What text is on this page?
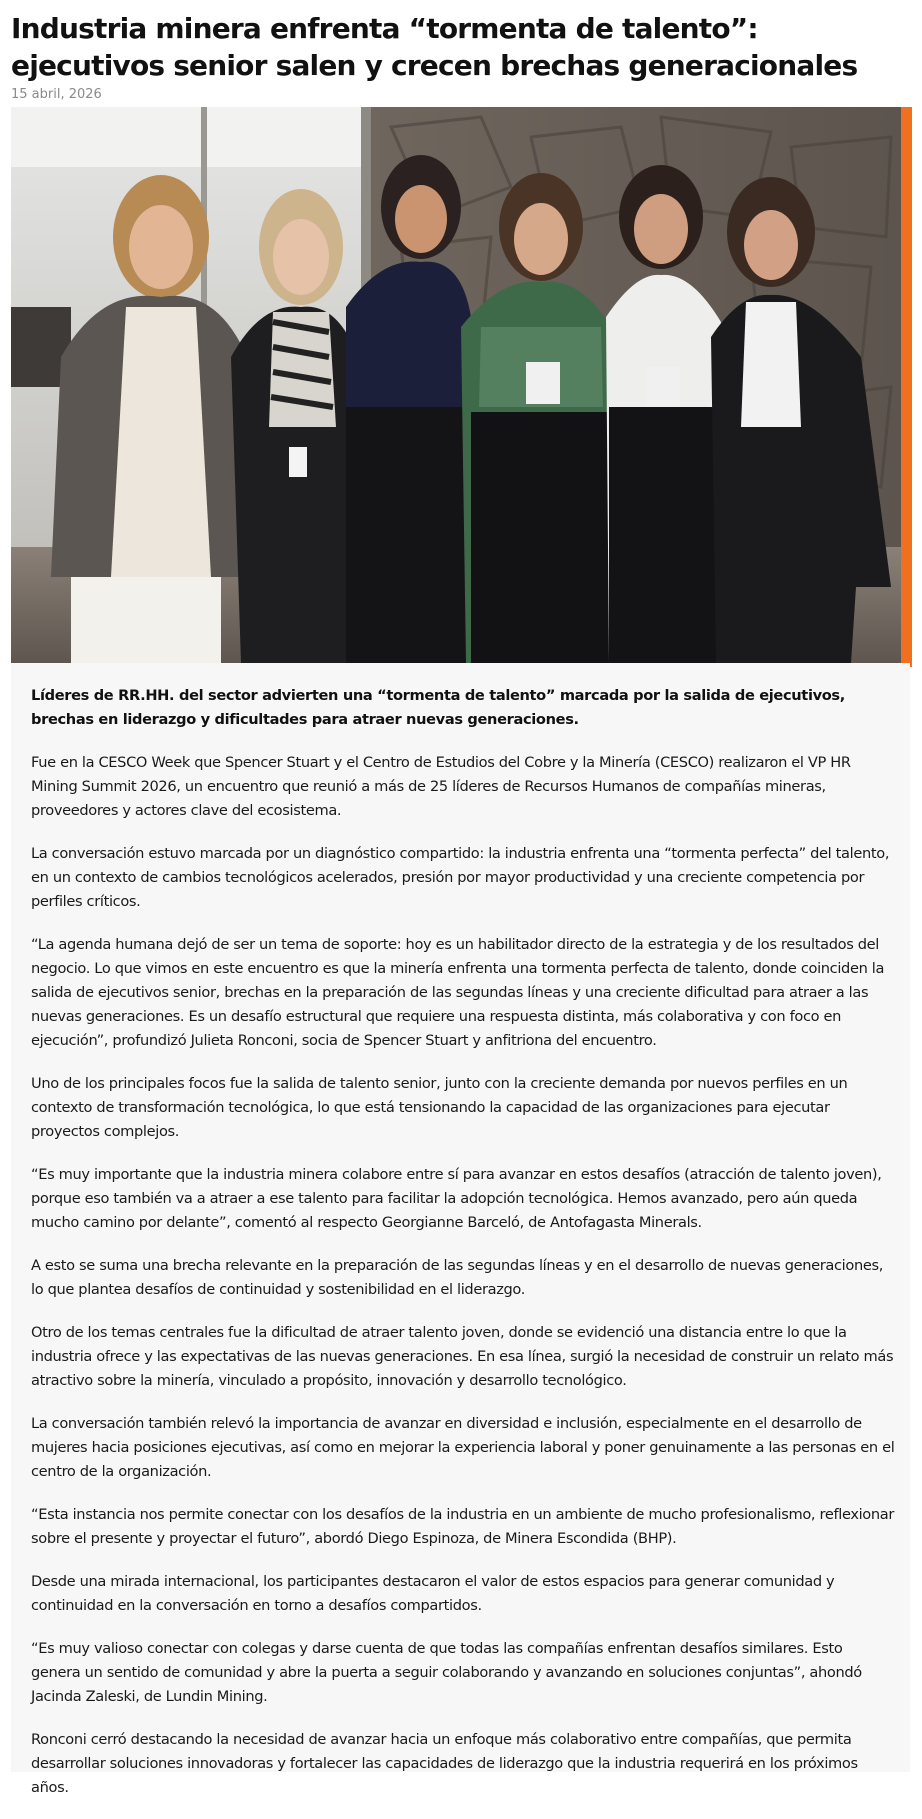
Industria minera enfrenta “tormenta de talento”: ejecutivos senior salen y crecen brechas generacionales
15 abril, 2026

Líderes de RR.HH. del sector advierten una “tormenta de talento” marcada por la salida de ejecutivos, brechas en liderazgo y dificultades para atraer nuevas generaciones.

Fue en la CESCO Week que Spencer Stuart y el Centro de Estudios del Cobre y la Minería (CESCO) realizaron el VP HR Mining Summit 2026, un encuentro que reunió a más de 25 líderes de Recursos Humanos de compañías mineras, proveedores y actores clave del ecosistema.

La conversación estuvo marcada por un diagnóstico compartido: la industria enfrenta una “tormenta perfecta” del talento, en un contexto de cambios tecnológicos acelerados, presión por mayor productividad y una creciente competencia por perfiles críticos.

“La agenda humana dejó de ser un tema de soporte: hoy es un habilitador directo de la estrategia y de los resultados del negocio. Lo que vimos en este encuentro es que la minería enfrenta una tormenta perfecta de talento, donde coinciden la salida de ejecutivos senior, brechas en la preparación de las segundas líneas y una creciente dificultad para atraer a las nuevas generaciones. Es un desafío estructural que requiere una respuesta distinta, más colaborativa y con foco en ejecución”, profundizó Julieta Ronconi, socia de Spencer Stuart y anfitriona del encuentro.

Uno de los principales focos fue la salida de talento senior, junto con la creciente demanda por nuevos perfiles en un contexto de transformación tecnológica, lo que está tensionando la capacidad de las organizaciones para ejecutar proyectos complejos.

“Es muy importante que la industria minera colabore entre sí para avanzar en estos desafíos (atracción de talento joven), porque eso también va a atraer a ese talento para facilitar la adopción tecnológica. Hemos avanzado, pero aún queda mucho camino por delante”, comentó al respecto Georgianne Barceló, de Antofagasta Minerals.

A esto se suma una brecha relevante en la preparación de las segundas líneas y en el desarrollo de nuevas generaciones, lo que plantea desafíos de continuidad y sostenibilidad en el liderazgo.

Otro de los temas centrales fue la dificultad de atraer talento joven, donde se evidenció una distancia entre lo que la industria ofrece y las expectativas de las nuevas generaciones. En esa línea, surgió la necesidad de construir un relato más atractivo sobre la minería, vinculado a propósito, innovación y desarrollo tecnológico.

La conversación también relevó la importancia de avanzar en diversidad e inclusión, especialmente en el desarrollo de mujeres hacia posiciones ejecutivas, así como en mejorar la experiencia laboral y poner genuinamente a las personas en el centro de la organización.

“Esta instancia nos permite conectar con los desafíos de la industria en un ambiente de mucho profesionalismo, reflexionar sobre el presente y proyectar el futuro”, abordó Diego Espinoza, de Minera Escondida (BHP).

Desde una mirada internacional, los participantes destacaron el valor de estos espacios para generar comunidad y continuidad en la conversación en torno a desafíos compartidos.

“Es muy valioso conectar con colegas y darse cuenta de que todas las compañías enfrentan desafíos similares. Esto genera un sentido de comunidad y abre la puerta a seguir colaborando y avanzando en soluciones conjuntas”, ahondó Jacinda Zaleski, de Lundin Mining.

Ronconi cerró destacando la necesidad de avanzar hacia un enfoque más colaborativo entre compañías, que permita desarrollar soluciones innovadoras y fortalecer las capacidades de liderazgo que la industria requerirá en los próximos años.
